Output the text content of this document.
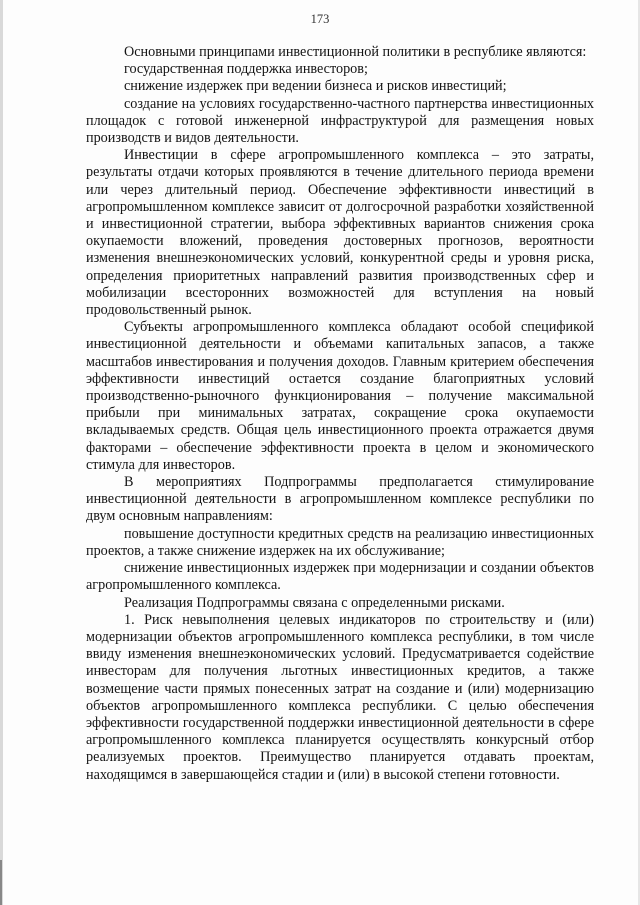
173

Основными принципами инвестиционной политики в республике являются:

государственная поддержка инвесторов;

снижение издержек при ведении бизнеса и рисков инвестиций;

создание на условиях государственно-частного партнерства инвестиционных площадок с готовой инженерной инфраструктурой для размещения новых производств и видов деятельности.

Инвестиции в сфере агропромышленного комплекса – это затраты, результаты отдачи которых проявляются в течение длительного периода времени или через длительный период. Обеспечение эффективности инвестиций в агропромышленном комплексе зависит от долгосрочной разработки хозяйственной и инвестиционной стратегии, выбора эффективных вариантов снижения срока окупаемости вложений, проведения достоверных прогнозов, вероятности изменения внешнеэкономических условий, конкурентной среды и уровня риска, определения приоритетных направлений развития производственных сфер и мобилизации всесторонних возможностей для вступления на новый продовольственный рынок.

Субъекты агропромышленного комплекса обладают особой спецификой инвестиционной деятельности и объемами капитальных запасов, а также масштабов инвестирования и получения доходов. Главным критерием обеспечения эффективности инвестиций остается создание благоприятных условий производственно-рыночного функционирования – получение максимальной прибыли при минимальных затратах, сокращение срока окупаемости вкладываемых средств. Общая цель инвестиционного проекта отражается двумя факторами – обеспечение эффективности проекта в целом и экономического стимула для инвесторов.

В мероприятиях Подпрограммы предполагается стимулирование инвестиционной деятельности в агропромышленном комплексе республики по двум основным направлениям:

повышение доступности кредитных средств на реализацию инвестиционных проектов, а также снижение издержек на их обслуживание;

снижение инвестиционных издержек при модернизации и создании объектов агропромышленного комплекса.

Реализация Подпрограммы связана с определенными рисками.

1. Риск невыполнения целевых индикаторов по строительству и (или) модернизации объектов агропромышленного комплекса республики, в том числе ввиду изменения внешнеэкономических условий. Предусматривается содействие инвесторам для получения льготных инвестиционных кредитов, а также возмещение части прямых понесенных затрат на создание и (или) модернизацию объектов агропромышленного комплекса республики. С целью обеспечения эффективности государственной поддержки инвестиционной деятельности в сфере агропромышленного комплекса планируется осуществлять конкурсный отбор реализуемых проектов. Преимущество планируется отдавать проектам, находящимся в завершающейся стадии и (или) в высокой степени готовности.
